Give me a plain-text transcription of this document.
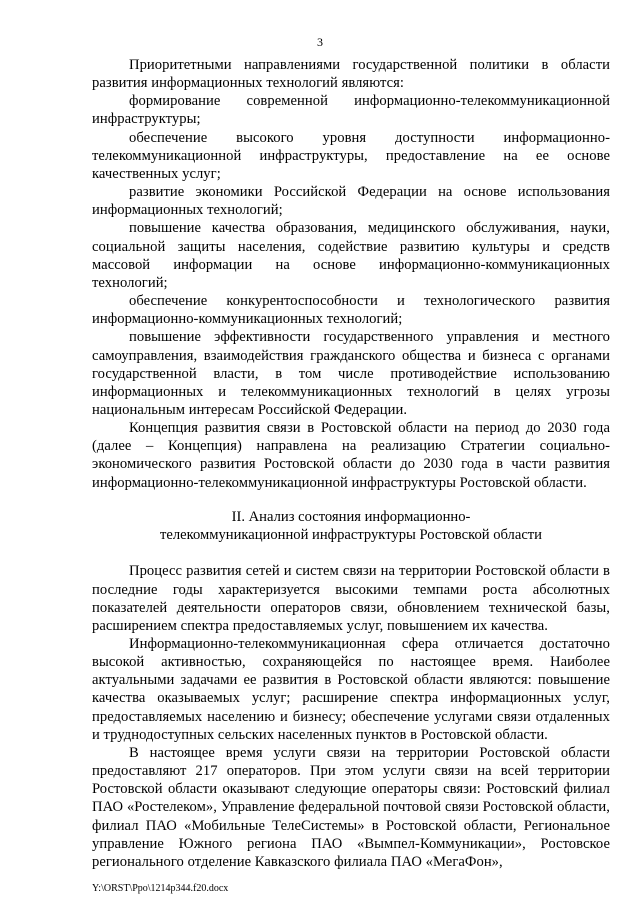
3

Приоритетными направлениями государственной политики в области развития информационных технологий являются:

формирование современной информационно-телекоммуникационной инфраструктуры;

обеспечение высокого уровня доступности информационно-телекоммуникационной инфраструктуры, предоставление на ее основе качественных услуг;

развитие экономики Российской Федерации на основе использования информационных технологий;

повышение качества образования, медицинского обслуживания, науки, социальной защиты населения, содействие развитию культуры и средств массовой информации на основе информационно-коммуникационных технологий;

обеспечение конкурентоспособности и технологического развития информационно-коммуникационных технологий;

повышение эффективности государственного управления и местного самоуправления, взаимодействия гражданского общества и бизнеса с органами государственной власти, в том числе противодействие использованию информационных и телекоммуникационных технологий в целях угрозы национальным интересам Российской Федерации.

Концепция развития связи в Ростовской области на период до 2030 года (далее – Концепция) направлена на реализацию Стратегии социально-экономического развития Ростовской области до 2030 года в части развития информационно-телекоммуникационной инфраструктуры Ростовской области.

II. Анализ состояния информационно-
телекоммуникационной инфраструктуры Ростовской области

Процесс развития сетей и систем связи на территории Ростовской области в последние годы характеризуется высокими темпами роста абсолютных показателей деятельности операторов связи, обновлением технической базы, расширением спектра предоставляемых услуг, повышением их качества.

Информационно-телекоммуникационная сфера отличается достаточно высокой активностью, сохраняющейся по настоящее время. Наиболее актуальными задачами ее развития в Ростовской области являются: повышение качества оказываемых услуг; расширение спектра информационных услуг, предоставляемых населению и бизнесу; обеспечение услугами связи отдаленных и труднодоступных сельских населенных пунктов в Ростовской области.

В настоящее время услуги связи на территории Ростовской области предоставляют 217 операторов. При этом услуги связи на всей территории Ростовской области оказывают следующие операторы связи: Ростовский филиал ПАО «Ростелеком», Управление федеральной почтовой связи Ростовской области, филиал ПАО «Мобильные ТелеСистемы» в Ростовской области, Региональное управление Южного региона ПАО «Вымпел-Коммуникации», Ростовское регионального отделение Кавказского филиала ПАО «МегаФон»,

Y:\ORST\Ppo\1214p344.f20.docx
